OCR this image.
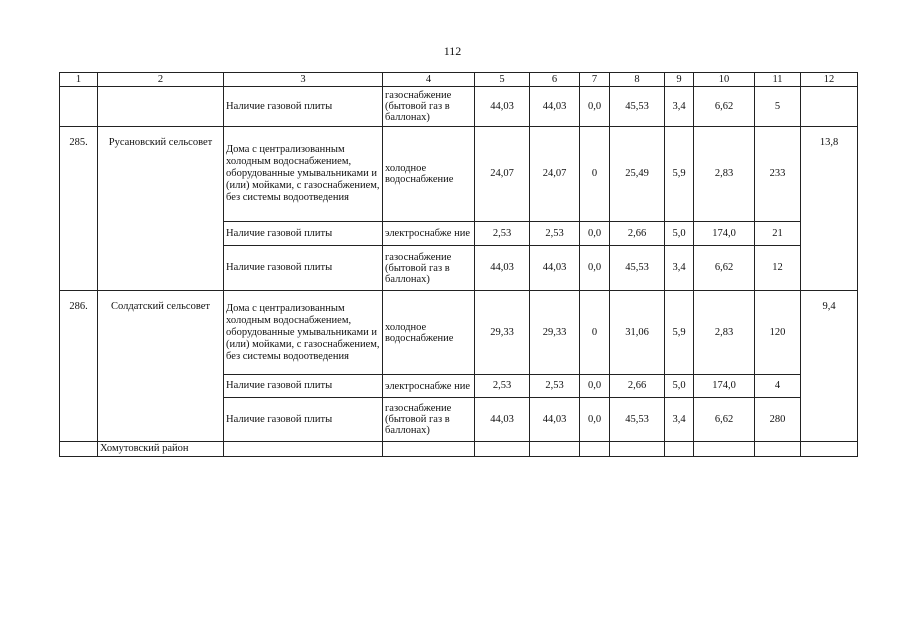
112
1	2	3	4	5	6	7	8	9	10	11	12
		Наличие газовой плиты	газоснабжение (бытовой газ в баллонах)	44,03	44,03	0,0	45,53	3,4	6,62	5	

285.	Русановский сельсовет	Дома с централизованным холодным водоснабжением, оборудованные умывальниками и (или) мойками, с газоснабжением, без системы водоотведения	холодное водоснабжение	24,07	24,07	0	25,49	5,9	2,83	233	13,8

		Наличие газовой плиты	электроснабже ние	2,53	2,53	0,0	2,66	5,0	174,0	21	
		Наличие газовой плиты	газоснабжение (бытовой газ в баллонах)	44,03	44,03	0,0	45,53	3,4	6,62	12	

286.	Солдатский сельсовет	Дома с централизованным холодным водоснабжением, оборудованные умывальниками и (или) мойками, с газоснабжением, без системы водоотведения	холодное водоснабжение	29,33	29,33	0	31,06	5,9	2,83	120	9,4

		Наличие газовой плиты	электроснабже ние	2,53	2,53	0,0	2,66	5,0	174,0	4	
		Наличие газовой плиты	газоснабжение (бытовой газ в баллонах)	44,03	44,03	0,0	45,53	3,4	6,62	280	
	Хомутовский район										
